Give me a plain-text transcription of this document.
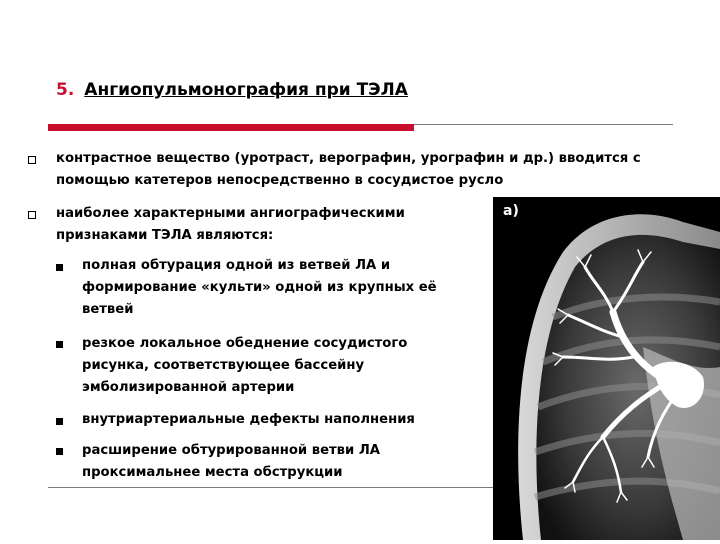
5. Ангиопульмонография при ТЭЛА

контрастное вещество (уротраст, верографин, урографин и др.) вводится с помощью катетеров непосредственно в сосудистое русло

наиболее характерными ангиографическими признаками ТЭЛА являются:

полная обтурация одной из ветвей ЛА и формирование «культи» одной из крупных её ветвей

резкое локальное обеднение сосудистого рисунка, соответствующее бассейну эмболизированной артерии

внутриартериальные дефекты наполнения

расширение обтурированной ветви ЛА проксимальнее места обструкции

а)
